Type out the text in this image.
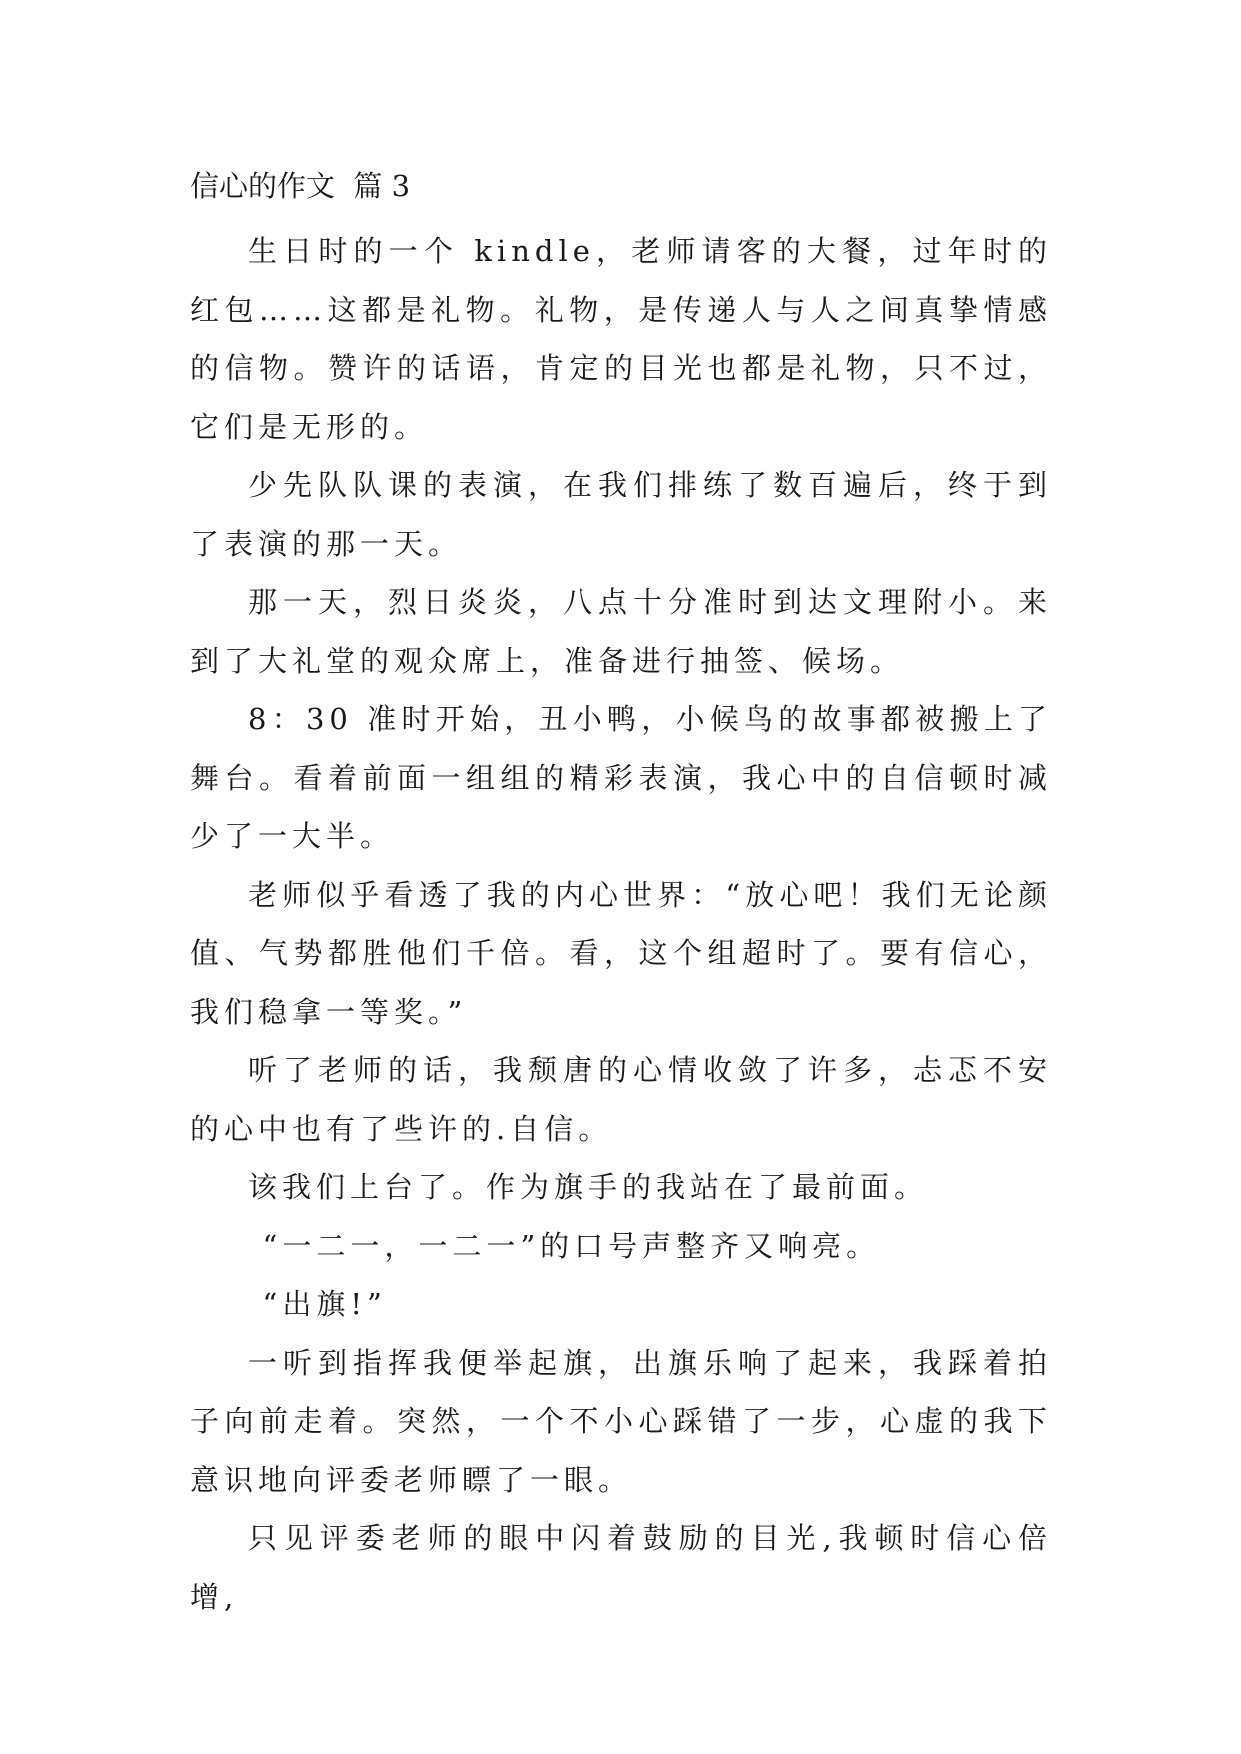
信心的作文  篇 3

生日时的一个 kindle，老师请客的大餐，过年时的红包……这都是礼物。礼物，是传递人与人之间真挚情感的信物。赞许的话语，肯定的目光也都是礼物，只不过，它们是无形的。

少先队队课的表演，在我们排练了数百遍后，终于到了表演的那一天。

那一天，烈日炎炎，八点十分准时到达文理附小。来到了大礼堂的观众席上，准备进行抽签、候场。

8：30 准时开始，丑小鸭，小候鸟的故事都被搬上了舞台。看着前面一组组的精彩表演，我心中的自信顿时减少了一大半。

老师似乎看透了我的内心世界：“放心吧！我们无论颜值、气势都胜他们千倍。看，这个组超时了。要有信心，我们稳拿一等奖。”

听了老师的话，我颓唐的心情收敛了许多，忐忑不安的心中也有了些许的.自信。

该我们上台了。作为旗手的我站在了最前面。

“一二一，一二一”的口号声整齐又响亮。

“出旗!”

一听到指挥我便举起旗，出旗乐响了起来，我踩着拍子向前走着。突然，一个不小心踩错了一步，心虚的我下意识地向评委老师瞟了一眼。

只见评委老师的眼中闪着鼓励的目光,我顿时信心倍增,
